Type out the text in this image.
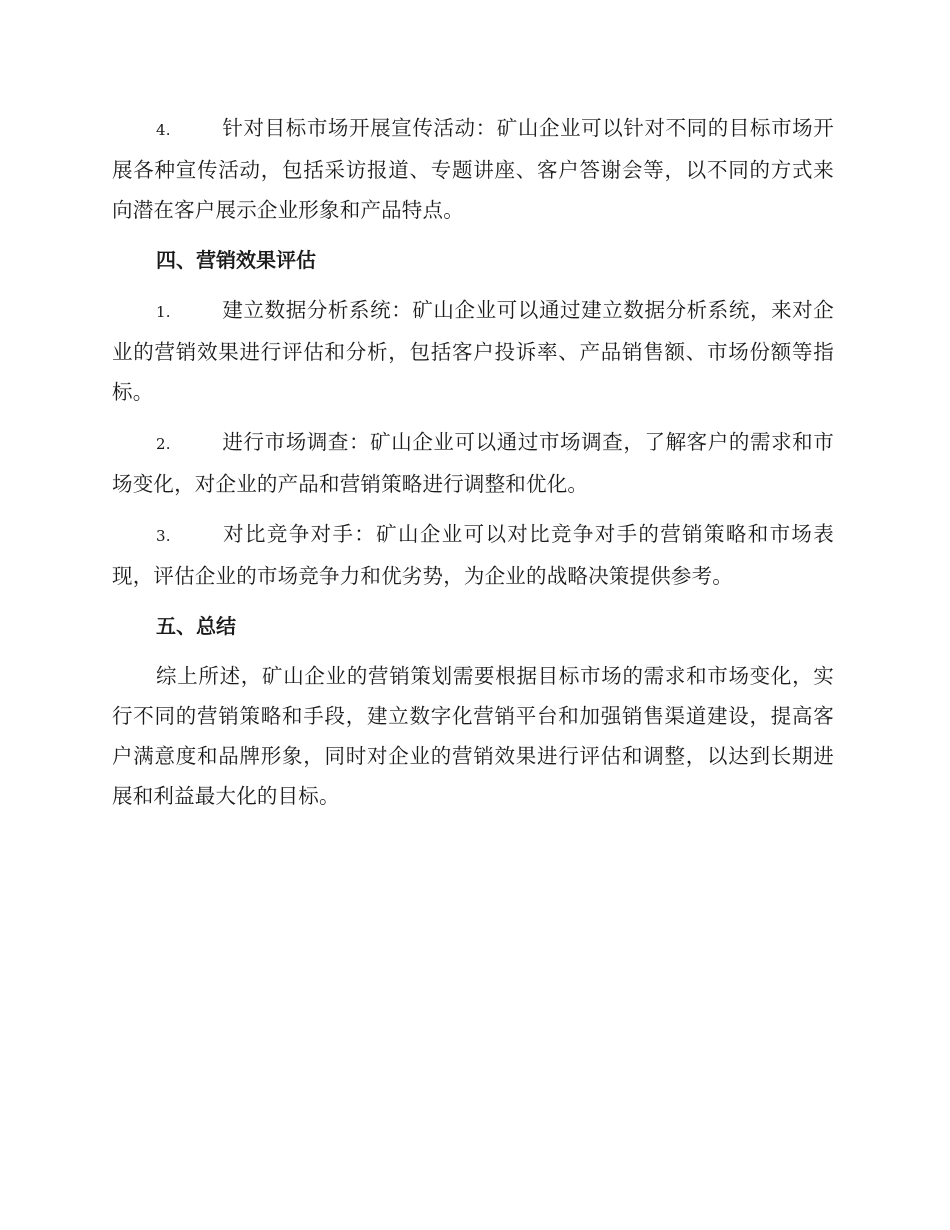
4.	针对目标市场开展宣传活动：矿山企业可以针对不同的目标市场开展各种宣传活动，包括采访报道、专题讲座、客户答谢会等，以不同的方式来向潜在客户展示企业形象和产品特点。

四、营销效果评估

1.	建立数据分析系统：矿山企业可以通过建立数据分析系统，来对企业的营销效果进行评估和分析，包括客户投诉率、产品销售额、市场份额等指标。

2.	进行市场调查：矿山企业可以通过市场调查，了解客户的需求和市场变化，对企业的产品和营销策略进行调整和优化。

3.	对比竞争对手：矿山企业可以对比竞争对手的营销策略和市场表现，评估企业的市场竞争力和优劣势，为企业的战略决策提供参考。

五、总结

综上所述，矿山企业的营销策划需要根据目标市场的需求和市场变化，实行不同的营销策略和手段，建立数字化营销平台和加强销售渠道建设，提高客户满意度和品牌形象，同时对企业的营销效果进行评估和调整，以达到长期进展和利益最大化的目标。
